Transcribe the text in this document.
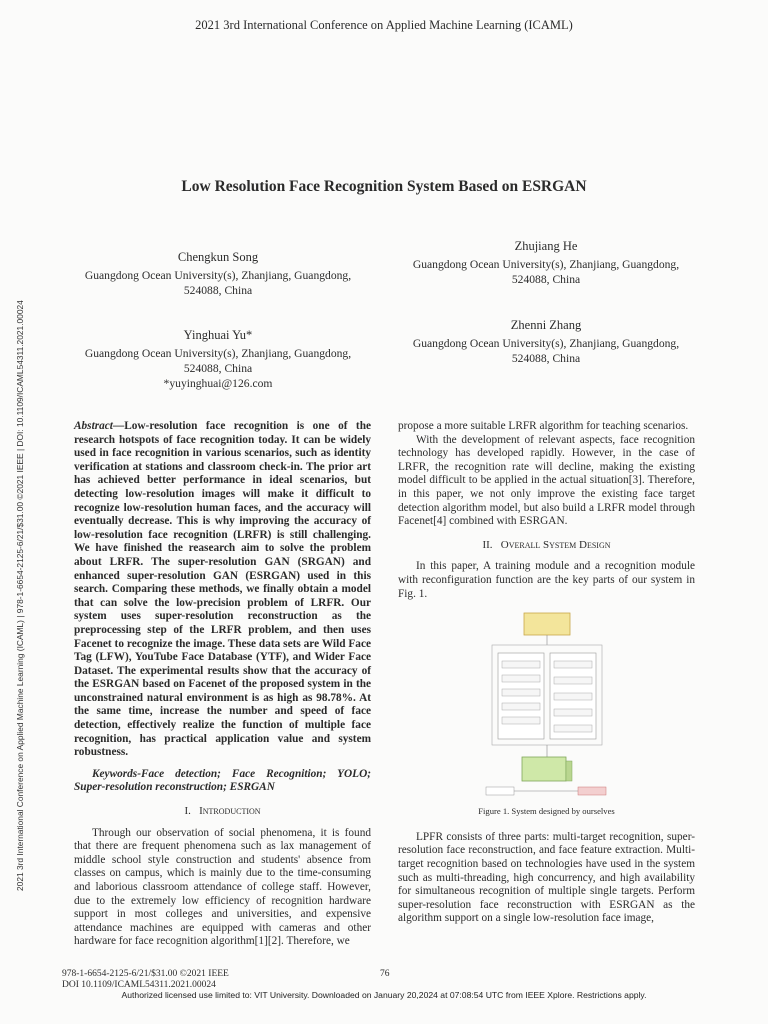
2021 3rd International Conference on Applied Machine Learning (ICAML)
Low Resolution Face Recognition System Based on ESRGAN
Chengkun Song
Guangdong Ocean University(s), Zhanjiang, Guangdong,
524088, China
Zhujiang He
Guangdong Ocean University(s), Zhanjiang, Guangdong,
524088, China
Yinghuai Yu*
Guangdong Ocean University(s), Zhanjiang, Guangdong,
524088, China
*yuyinghuai@126.com
Zhenni Zhang
Guangdong Ocean University(s), Zhanjiang, Guangdong,
524088, China
2021 3rd International Conference on Applied Machine Learning (ICAML) | 978-1-6654-2125-6/21/$31.00 ©2021 IEEE | DOI: 10.1109/ICAML54311.2021.00024	Abstract—Low-resolution face recognition is one of the research hotspots of face recognition today. It can be widely used in face recognition in various scenarios, such as identity verification at stations and classroom check-in. The prior art has achieved better performance in ideal scenarios, but detecting low-resolution images will make it difficult to recognize low-resolution human faces, and the accuracy will eventually decrease. This is why improving the accuracy of low-resolution face recognition (LRFR) is still challenging. We have finished the reasearch aim to solve the problem about LRFR. The super-resolution GAN (SRGAN) and enhanced super-resolution GAN (ESRGAN) used in this search. Comparing these methods, we finally obtain a model that can solve the low-precision problem of LRFR. Our system uses super-resolution reconstruction as the preprocessing step of the LRFR problem, and then uses Facenet to recognize the image. These data sets are Wild Face Tag (LFW), YouTube Face Database (YTF), and Wider Face Dataset. The experimental results show that the accuracy of the ESRGAN based on Facenet of the proposed system in the unconstrained natural environment is as high as 98.78%. At the same time, increase the number and speed of face detection, effectively realize the function of multiple face recognition, has practical application value and system robustness.

Keywords-Face detection; Face Recognition; YOLO; Super-resolution reconstruction; ESRGAN

I. Introduction

Through our observation of social phenomena, it is found that there are frequent phenomena such as lax management of middle school style construction and students' absence from classes on campus, which is mainly due to the time-consuming and laborious classroom attendance of college staff. However, due to the extremely low efficiency of recognition hardware support in most colleges and universities, and expensive attendance machines are equipped with cameras and other hardware for face recognition algorithm[1][2]. Therefore, we

propose a more suitable LRFR algorithm for teaching scenarios.

With the development of relevant aspects, face recognition technology has developed rapidly. However, in the case of LRFR, the recognition rate will decline, making the existing model difficult to be applied in the actual situation[3]. Therefore, in this paper, we not only improve the existing face target detection algorithm model, but also build a LRFR model through Facenet[4] combined with ESRGAN.

II. Overall System Design

In this paper, A training module and a recognition module with reconfiguration function are the key parts of our system in Fig. 1.

Figure 1. System designed by ourselves

LPFR consists of three parts: multi-target recognition, super-resolution face reconstruction, and face feature extraction. Multi-target recognition based on technologies have used in the system such as multi-threading, high concurrency, and high availability for simultaneous recognition of multiple single targets. Perform super-resolution face reconstruction with ESRGAN as the algorithm support on a single low-resolution face image,

978-1-6654-2125-6/21/$31.00 ©2021 IEEE
DOI 10.1109/ICAML54311.2021.00024
76
Authorized licensed use limited to: VIT University. Downloaded on January 20,2024 at 07:08:54 UTC from IEEE Xplore. Restrictions apply.
